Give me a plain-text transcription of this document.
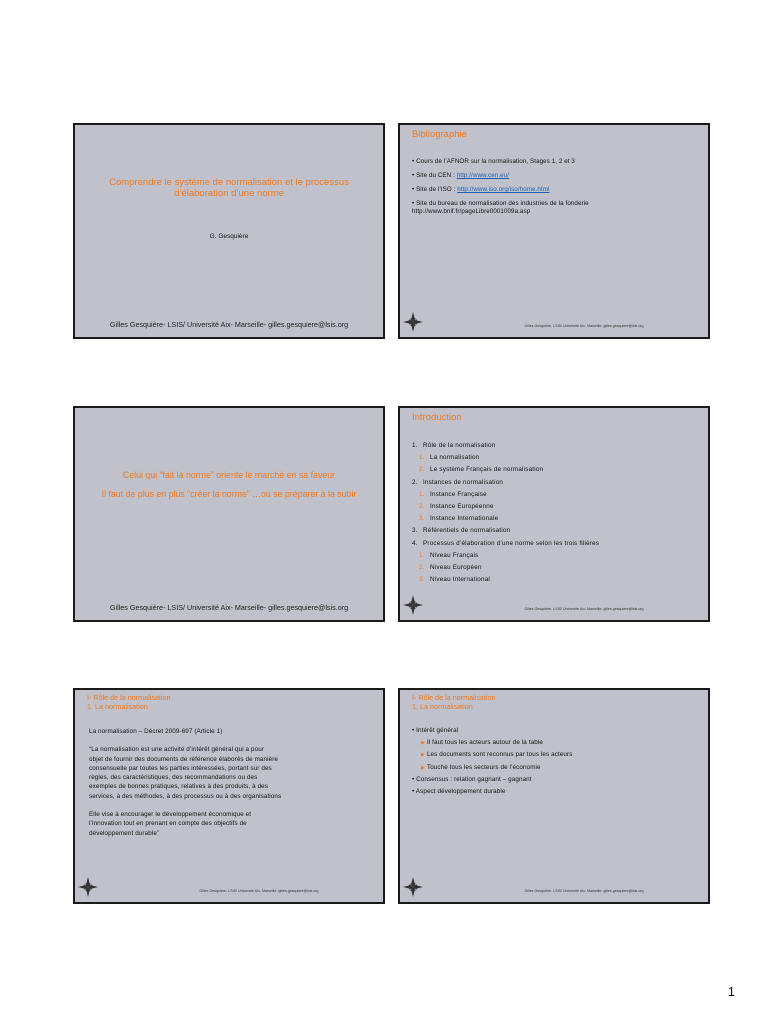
Comprendre le système de normalisation et le processus d’élaboration d’une norme
G. Gesquière
Gilles Gesquière- LSIS/ Université Aix- Marseille- gilles.gesquiere@lsis.org
Bibliographie
• Cours de l’AFNOR sur la normalisation, Stages 1, 2 et 3
• Site du CEN : http://www.cen.eu/
• Site de l’ISO : http://www.iso.org/iso/home.html
• Site du bureau de normalisation des industries de la fonderie http://www.bnif.fr/pageLibre0001009a.asp
Gilles Gesquière- LSIS/ Université Aix- Marseille- gilles.gesquiere@lsis.org

Celui qui “fait la norme” oriente le marché en sa faveur

Il faut de plus en plus “créer la norme” …ou se préparer à la subir

Gilles Gesquière- LSIS/ Université Aix- Marseille- gilles.gesquiere@lsis.org
Introduction
1. Rôle de la normalisation
1. La normalisation
2. Le système Français de normalisation
2. Instances de normalisation
1. Instance Française
2. Instance Européenne
3. Instance Internationale
3. Référentiels de normalisation
4. Processus d’élaboration d’une norme selon les trois filières
1. Niveau Français
2. Niveau Européen
3. Niveau International
Gilles Gesquière- LSIS/ Université Aix- Marseille- gilles.gesquiere@lsis.org
I- Rôle de la normalisation
1. La normalisation
La normalisation – Décret 2009-697 (Article 1)
“La normalisation est une activité d’intérêt général qui a pour
objet de fournir des documents de référence élaborés de manière
consensuelle par toutes les parties intéressées, portant sur des
règles, des caractéristiques, des recommandations ou des
exemples de bonnes pratiques, relatives à des produits, à des
services, à des méthodes, à des processus ou à des organisations
Elle vise à encourager le développement économique et
l’innovation tout en prenant en compte des objectifs de
développement durable”
Gilles Gesquière- LSIS/ Université Aix- Marseille- gilles.gesquiere@lsis.org
I- Rôle de la normalisation
1. La normalisation
• Intérêt général
▶ Il faut tous les acteurs autour de la table
▶ Les documents sont reconnus par tous les acteurs
▶ Touche tous les secteurs de l’économie
• Consensus : relation gagnant – gagnant
• Aspect développement durable
Gilles Gesquière- LSIS/ Université Aix- Marseille- gilles.gesquiere@lsis.org
1
